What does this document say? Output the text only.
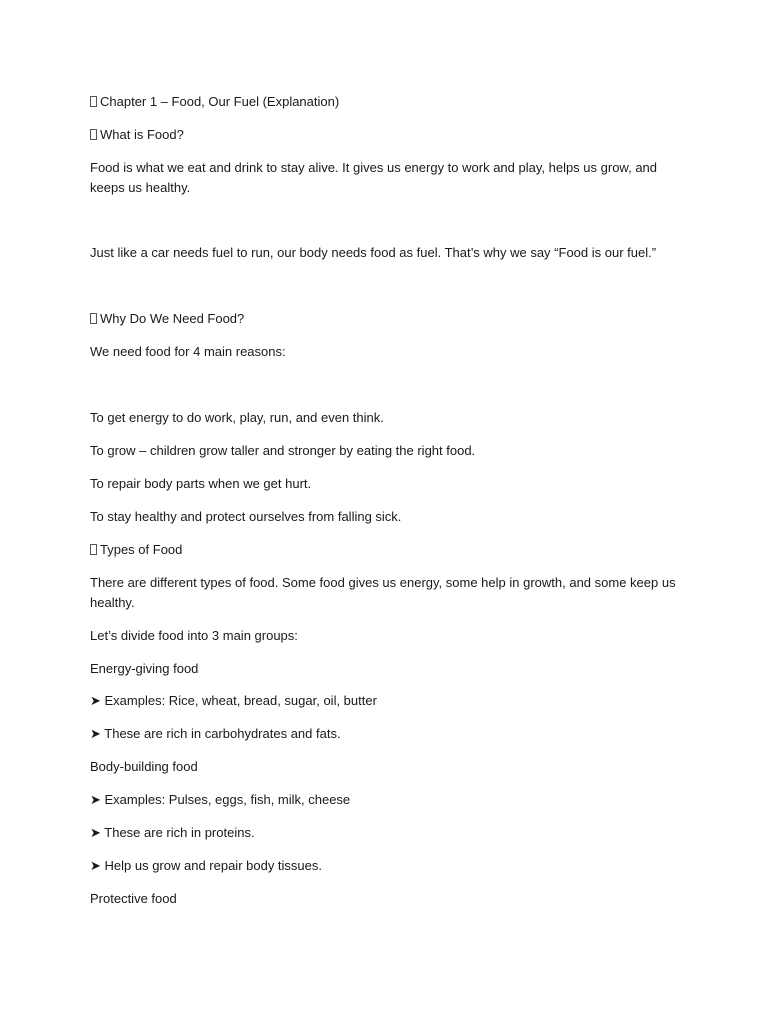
Chapter 1 – Food, Our Fuel (Explanation)

What is Food?

Food is what we eat and drink to stay alive. It gives us energy to work and play, helps us grow, and keeps us healthy.

Just like a car needs fuel to run, our body needs food as fuel. That’s why we say “Food is our fuel.”

Why Do We Need Food?

We need food for 4 main reasons:

To get energy to do work, play, run, and even think.

To grow – children grow taller and stronger by eating the right food.

To repair body parts when we get hurt.

To stay healthy and protect ourselves from falling sick.

Types of Food

There are different types of food. Some food gives us energy, some help in growth, and some keep us healthy.

Let’s divide food into 3 main groups:

Energy-giving food

➤ Examples: Rice, wheat, bread, sugar, oil, butter

➤ These are rich in carbohydrates and fats.

Body-building food

➤ Examples: Pulses, eggs, fish, milk, cheese

➤ These are rich in proteins.

➤ Help us grow and repair body tissues.

Protective food
